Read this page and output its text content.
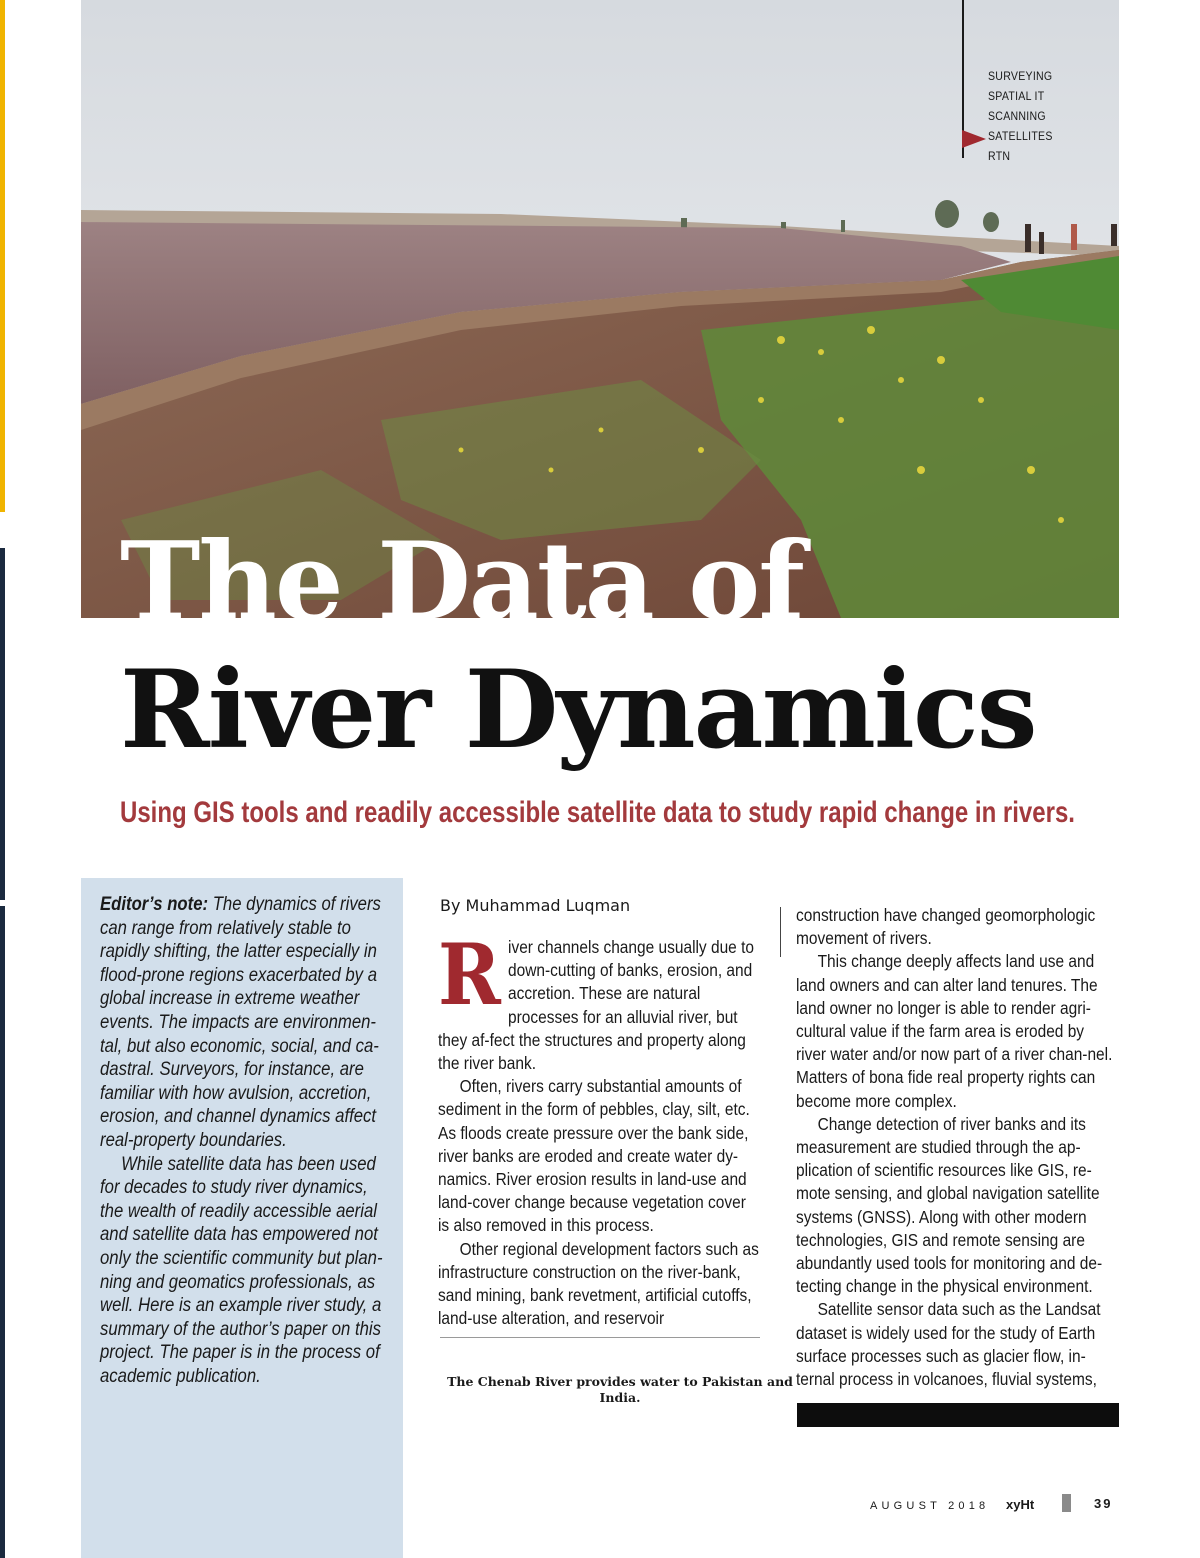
SURVEYING
SPATIAL IT
SCANNING
SATELLITES
RTN
The Data of
River Dynamics
Using GIS tools and readily accessible satellite data to study rapid change in rivers.

Editor’s note: The dynamics of rivers can range from relatively stable to rapidly shifting, the latter especially in flood-prone regions exacerbated by a global increase in extreme weather events. The impacts are environmen-tal, but also economic, social, and ca-dastral. Surveyors, for instance, are familiar with how avulsion, accretion, erosion, and channel dynamics affect real-property boundaries.

While satellite data has been used for decades to study river dynamics, the wealth of readily accessible aerial and satellite data has empowered not only the scientific community but plan-ning and geomatics professionals, as well. Here is an example river study, a summary of the author’s paper on this project. The paper is in the process of academic publication.

By Muhammad Luqman

River channels change usually due to down-cutting of banks, erosion, and accretion. These are natural processes for an alluvial river, but they af-fect the structures and property along the river bank.

Often, rivers carry substantial amounts of sediment in the form of pebbles, clay, silt, etc. As floods create pressure over the bank side, river banks are eroded and create water dy-namics. River erosion results in land-use and land-cover change because vegetation cover is also removed in this process.

Other regional development factors such as infrastructure construction on the river-bank, sand mining, bank revetment, artificial cutoffs, land-use alteration, and reservoir

The Chenab River provides water to Pakistan and India.

construction have changed geomorphologic movement of rivers.

This change deeply affects land use and land owners and can alter land tenures. The land owner no longer is able to render agri-cultural value if the farm area is eroded by river water and/or now part of a river chan-nel. Matters of bona fide real property rights can become more complex.

Change detection of river banks and its measurement are studied through the ap-plication of scientific resources like GIS, re-mote sensing, and global navigation satellite systems (GNSS). Along with other modern technologies, GIS and remote sensing are abundantly used tools for monitoring and de-tecting change in the physical environment.

Satellite sensor data such as the Landsat dataset is widely used for the study of Earth surface processes such as glacier flow, in-ternal process in volcanoes, fluvial systems,

AUGUST 2018 xyHt	39
